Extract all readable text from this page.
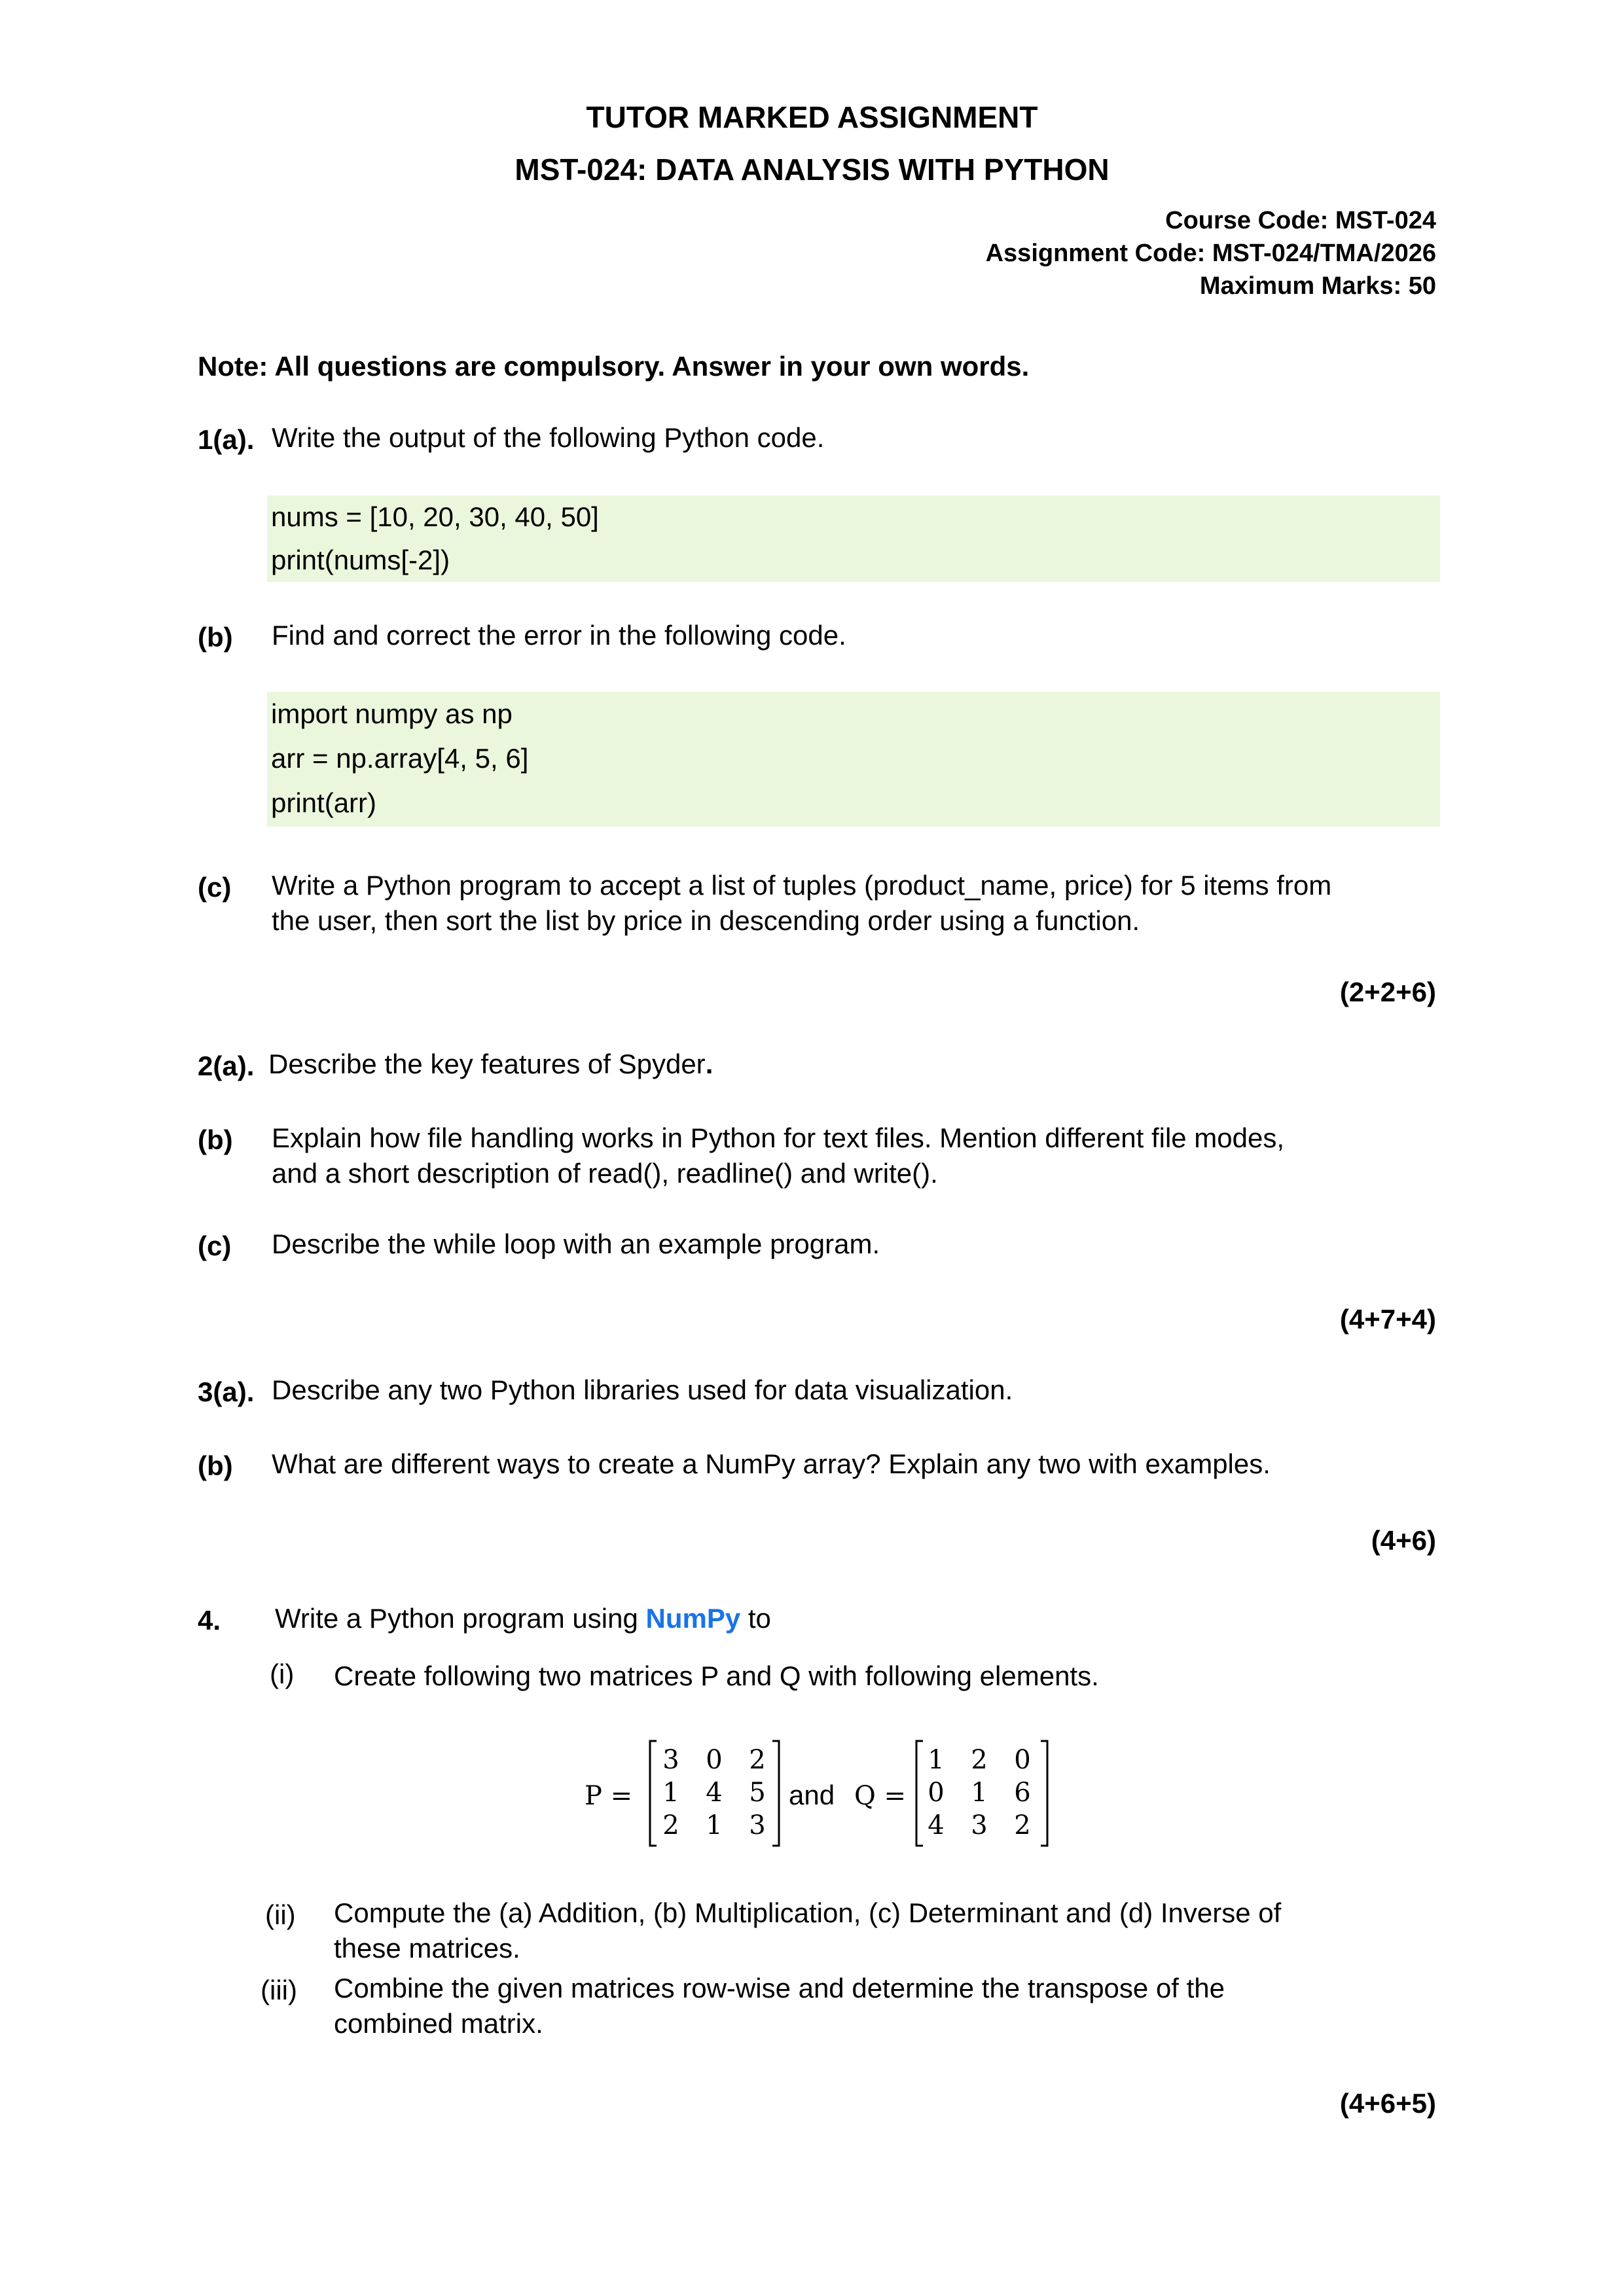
TUTOR MARKED ASSIGNMENT
MST-024: DATA ANALYSIS WITH PYTHON
Course Code: MST-024
Assignment Code: MST-024/TMA/2026
Maximum Marks: 50
Note: All questions are compulsory. Answer in your own words.
1(a). Write the output of the following Python code.
nums = [10, 20, 30, 40, 50]
print(nums[-2])
(b) Find and correct the error in the following code.
import numpy as np
arr = np.array[4, 5, 6]
print(arr)
(c) Write a Python program to accept a list of tuples (product_name, price) for 5 items from
the user, then sort the list by price in descending order using a function.
(2+2+6)
2(a). Describe the key features of Spyder.
(b) Explain how file handling works in Python for text files. Mention different file modes,
and a short description of read(), readline() and write().
(c) Describe the while loop with an example program.
(4+7+4)
3(a). Describe any two Python libraries used for data visualization.
(b) What are different ways to create a NumPy array? Explain any two with examples.
(4+6)
4. Write a Python program using NumPy to
(i) Create following two matrices P and Q with following elements.
P =
3 0 2
1 4 5
2 1 3
and Q =
1 2 0
0 1 6
4 3 2
(ii) Compute the (a) Addition, (b) Multiplication, (c) Determinant and (d) Inverse of
these matrices.
(iii) Combine the given matrices row-wise and determine the transpose of the
combined matrix.
(4+6+5)
